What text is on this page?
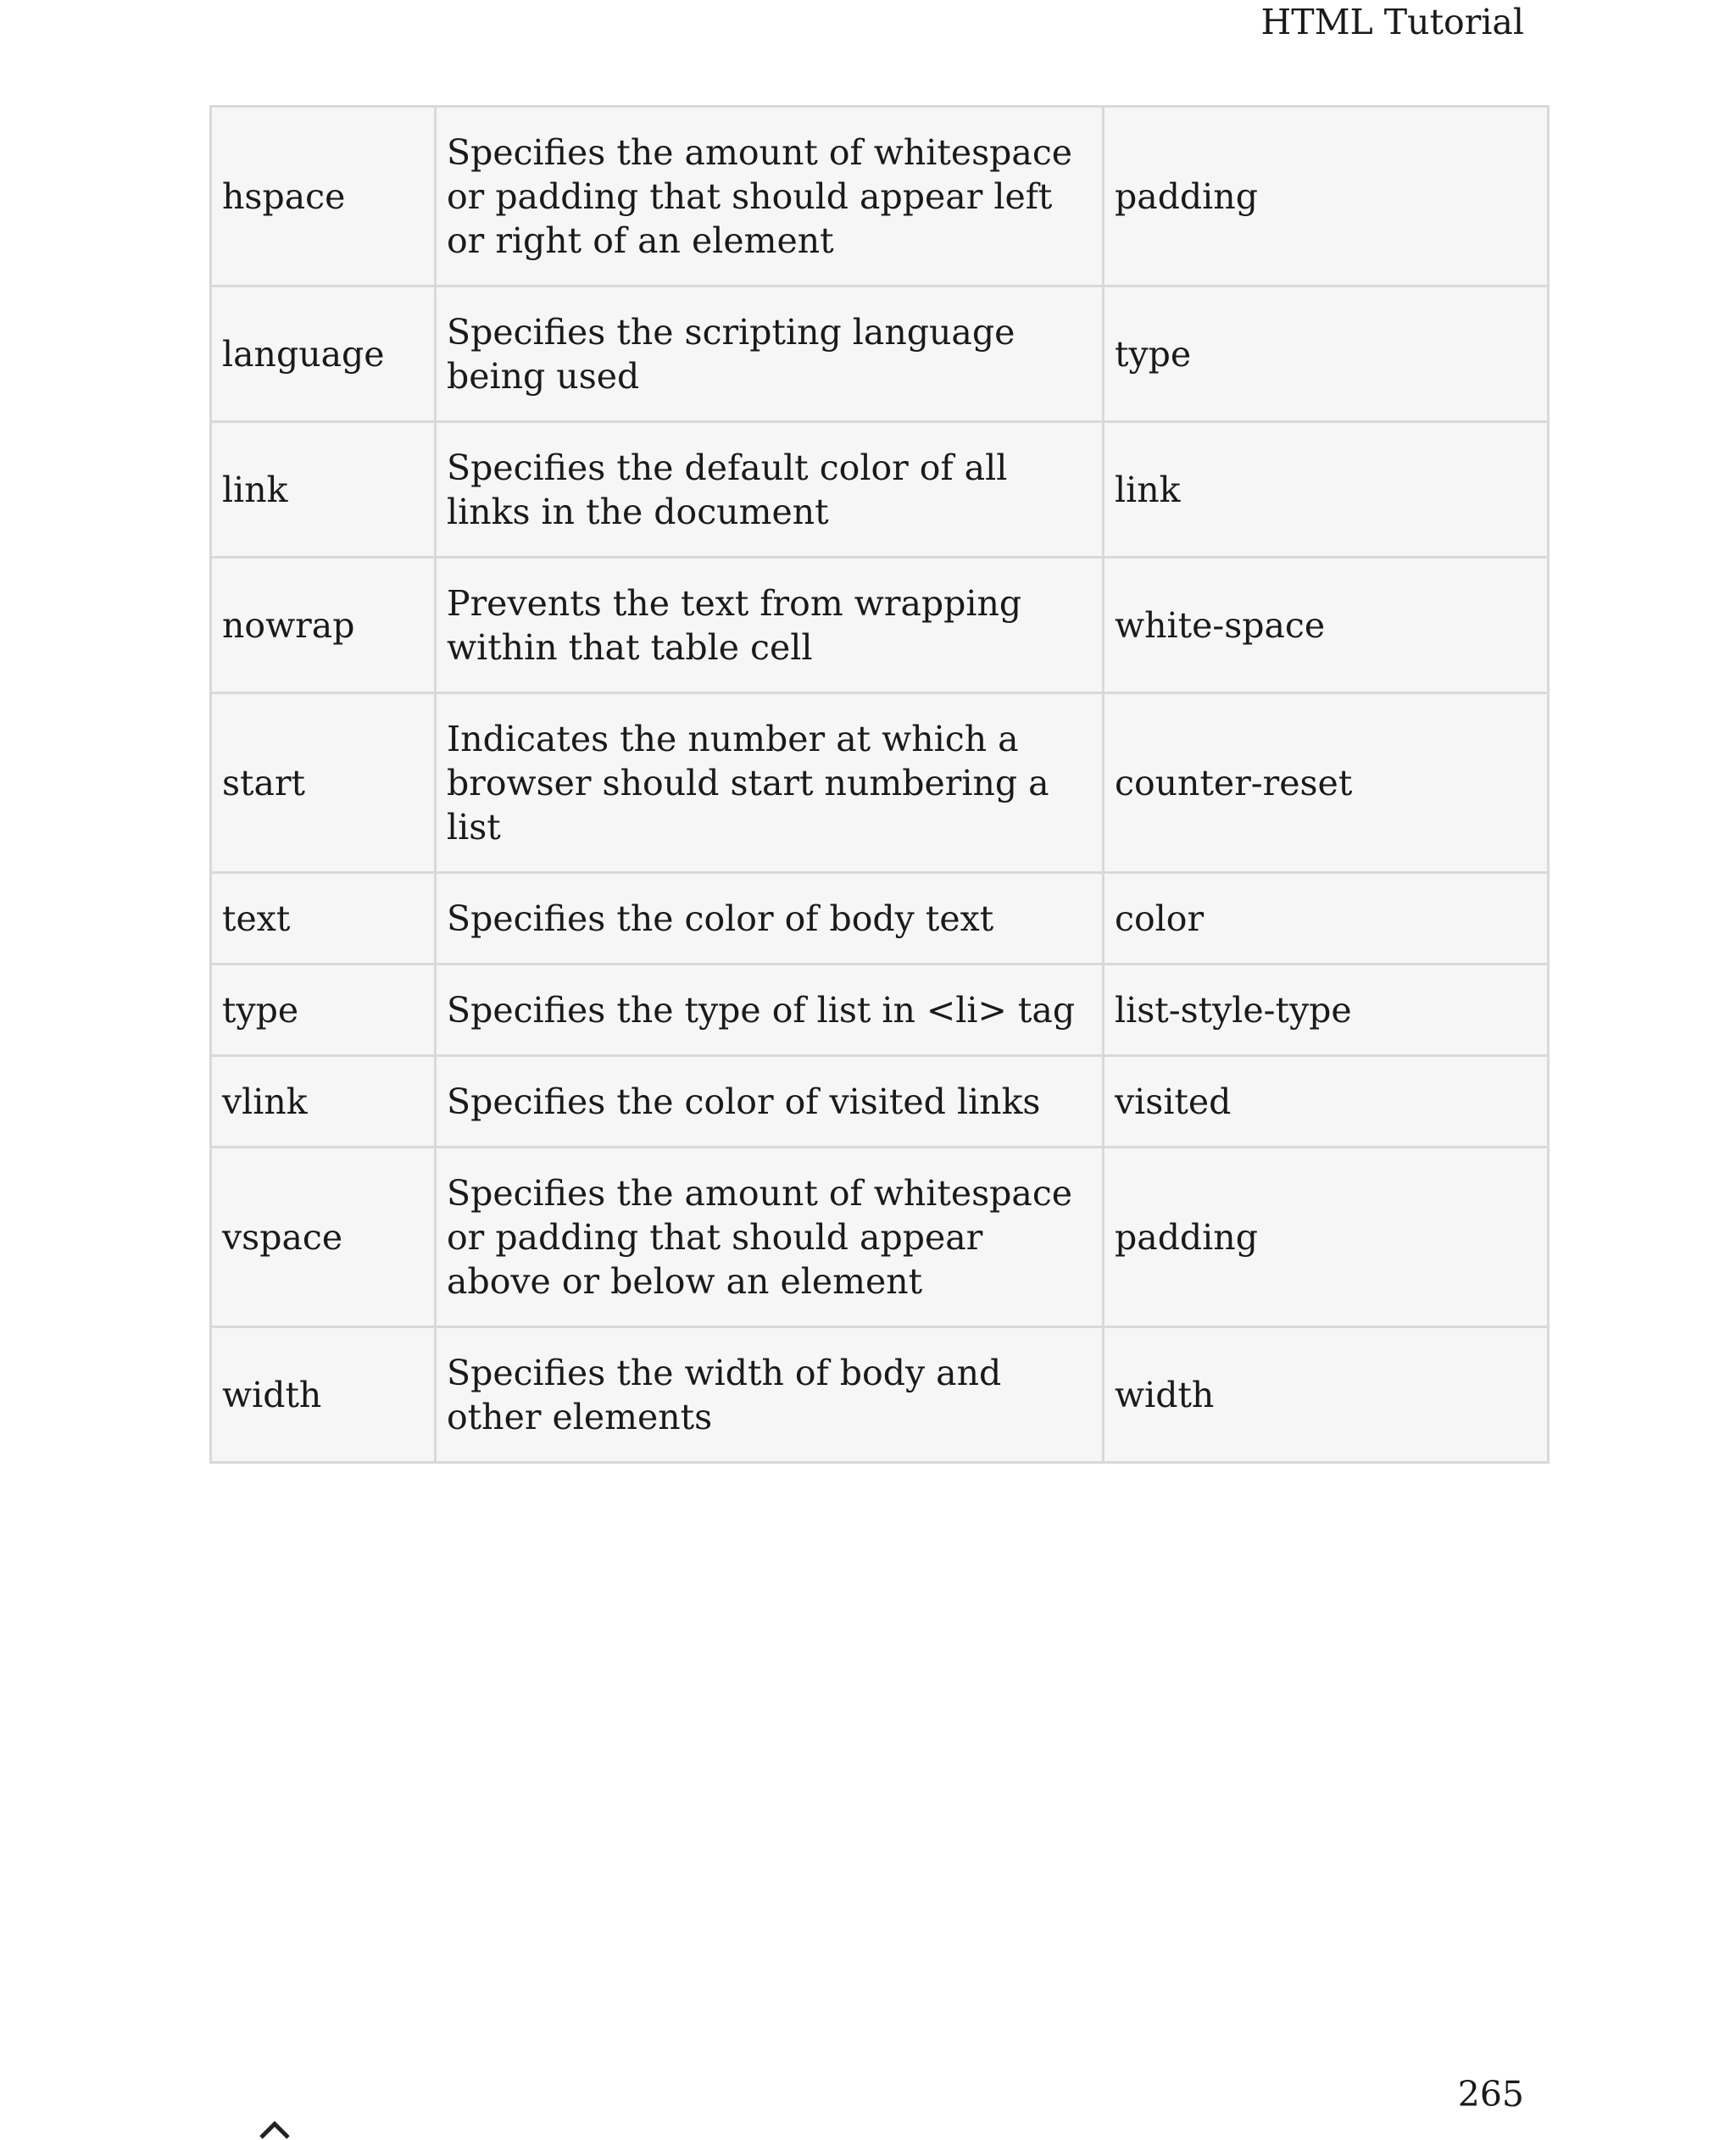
HTML Tutorial
hspace	Specifies the amount of whitespace or padding that should appear left or right of an element	padding
language	Specifies the scripting language being used	type
link	Specifies the default color of all links in the document	link
nowrap	Prevents the text from wrapping within that table cell	white-space
start	Indicates the number at which a browser should start numbering a list	counter-reset
text	Specifies the color of body text	color
type	Specifies the type of list in <li> tag	list-style-type
vlink	Specifies the color of visited links	visited
vspace	Specifies the amount of whitespace or padding that should appear above or below an element	padding
width	Specifies the width of body and other elements	width
265
